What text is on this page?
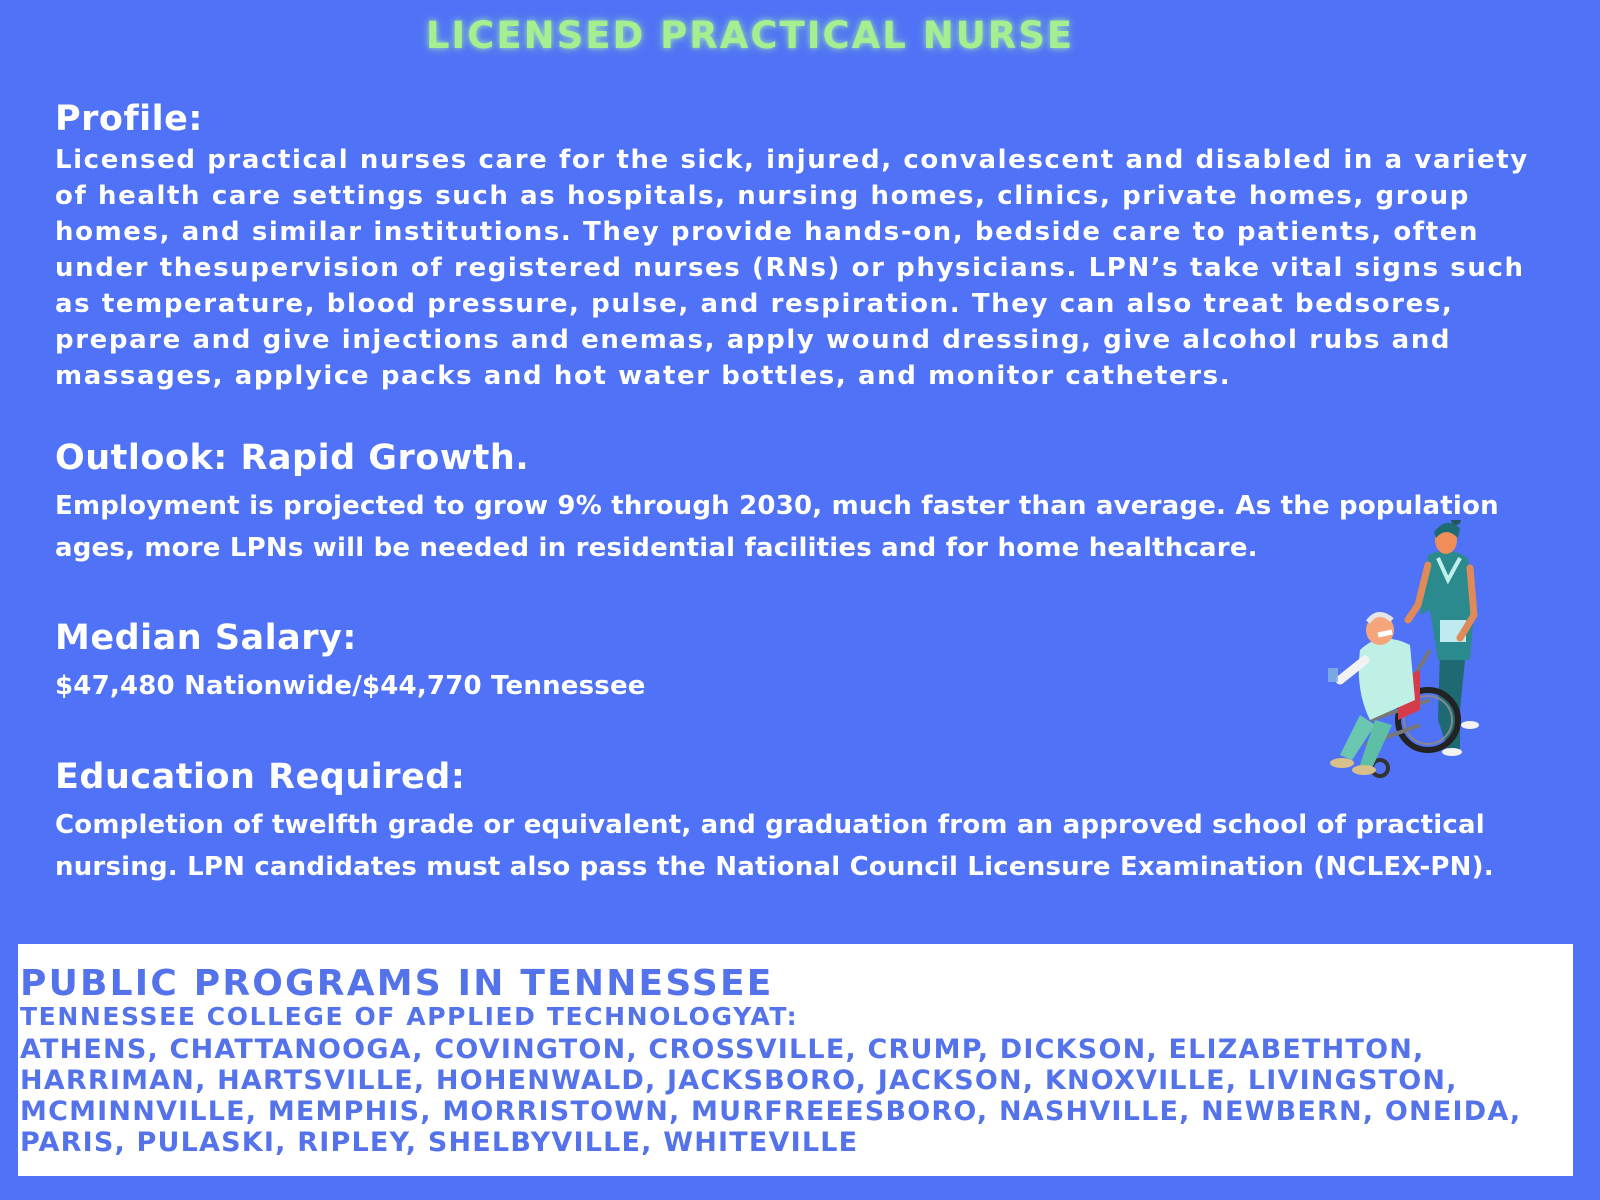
LICENSED PRACTICAL NURSE
Profile:

Licensed practical nurses care for the sick, injured, convalescent and disabled in a variety of health care settings such as hospitals, nursing homes, clinics, private homes, group homes, and similar institutions. They provide hands-on, bedside care to patients, often under thesupervision of registered nurses (RNs) or physicians. LPN’s take vital signs such as temperature, blood pressure, pulse, and respiration. They can also treat bedsores, prepare and give injections and enemas, apply wound dressing, give alcohol rubs and massages, applyice packs and hot water bottles, and monitor catheters.

Outlook: Rapid Growth.

Employment is projected to grow 9% through 2030, much faster than average. As the population ages, more LPNs will be needed in residential facilities and for home healthcare.

Median Salary:

$47,480 Nationwide/$44,770 Tennessee

Education Required:

Completion of twelfth grade or equivalent, and graduation from an approved school of practical nursing. LPN candidates must also pass the National Council Licensure Examination (NCLEX-PN).

PUBLIC PROGRAMS IN TENNESSEE
TENNESSEE COLLEGE OF APPLIED TECHNOLOGYAT:
ATHENS, CHATTANOOGA, COVINGTON, CROSSVILLE, CRUMP, DICKSON, ELIZABETHTON,
HARRIMAN, HARTSVILLE, HOHENWALD, JACKSBORO, JACKSON, KNOXVILLE, LIVINGSTON,
MCMINNVILLE, MEMPHIS, MORRISTOWN, MURFREEESBORO, NASHVILLE, NEWBERN, ONEIDA,
PARIS, PULASKI, RIPLEY, SHELBYVILLE, WHITEVILLE
